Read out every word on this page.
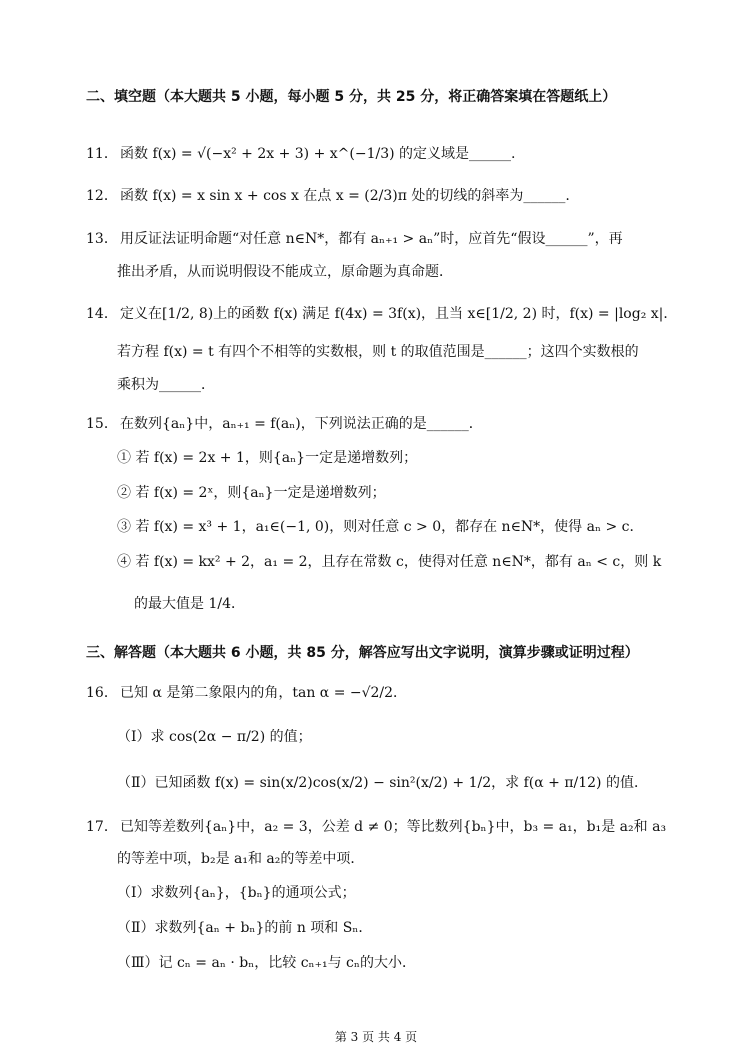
二、填空题（本大题共 5 小题，每小题 5 分，共 25 分，将正确答案填在答题纸上）
11． 函数 f(x) = √(−x² + 2x + 3) + x^(−1/3) 的定义域是______.
12． 函数 f(x) = x sin x + cos x 在点 x = (2/3)π 处的切线的斜率为______.
13． 用反证法证明命题“对任意 n∈N*，都有 aₙ₊₁ > aₙ”时，应首先“假设______”，再
推出矛盾，从而说明假设不能成立，原命题为真命题．
14． 定义在[1/2, 8)上的函数 f(x) 满足 f(4x) = 3f(x)，且当 x∈[1/2, 2) 时，f(x) = |log₂ x|．
若方程 f(x) = t 有四个不相等的实数根，则 t 的取值范围是______；这四个实数根的
乘积为______．
15． 在数列{aₙ}中，aₙ₊₁ = f(aₙ)，下列说法正确的是______．
① 若 f(x) = 2x + 1，则{aₙ}一定是递增数列；
② 若 f(x) = 2ˣ，则{aₙ}一定是递增数列；
③ 若 f(x) = x³ + 1，a₁∈(−1, 0)，则对任意 c > 0，都存在 n∈N*，使得 aₙ > c．
④ 若 f(x) = kx² + 2，a₁ = 2，且存在常数 c，使得对任意 n∈N*，都有 aₙ < c，则 k
的最大值是 1/4．
三、解答题（本大题共 6 小题，共 85 分，解答应写出文字说明，演算步骤或证明过程）
16． 已知 α 是第二象限内的角，tan α = −√2/2．
（Ⅰ）求 cos(2α − π/2) 的值；
（Ⅱ）已知函数 f(x) = sin(x/2)cos(x/2) − sin²(x/2) + 1/2，求 f(α + π/12) 的值．
17． 已知等差数列{aₙ}中，a₂ = 3，公差 d ≠ 0；等比数列{bₙ}中，b₃ = a₁，b₁是 a₂和 a₃
的等差中项，b₂是 a₁和 a₂的等差中项．
（Ⅰ）求数列{aₙ}，{bₙ}的通项公式；
（Ⅱ）求数列{aₙ + bₙ}的前 n 项和 Sₙ．
（Ⅲ）记 cₙ = aₙ · bₙ，比较 cₙ₊₁与 cₙ的大小．
第 3 页 共 4 页
